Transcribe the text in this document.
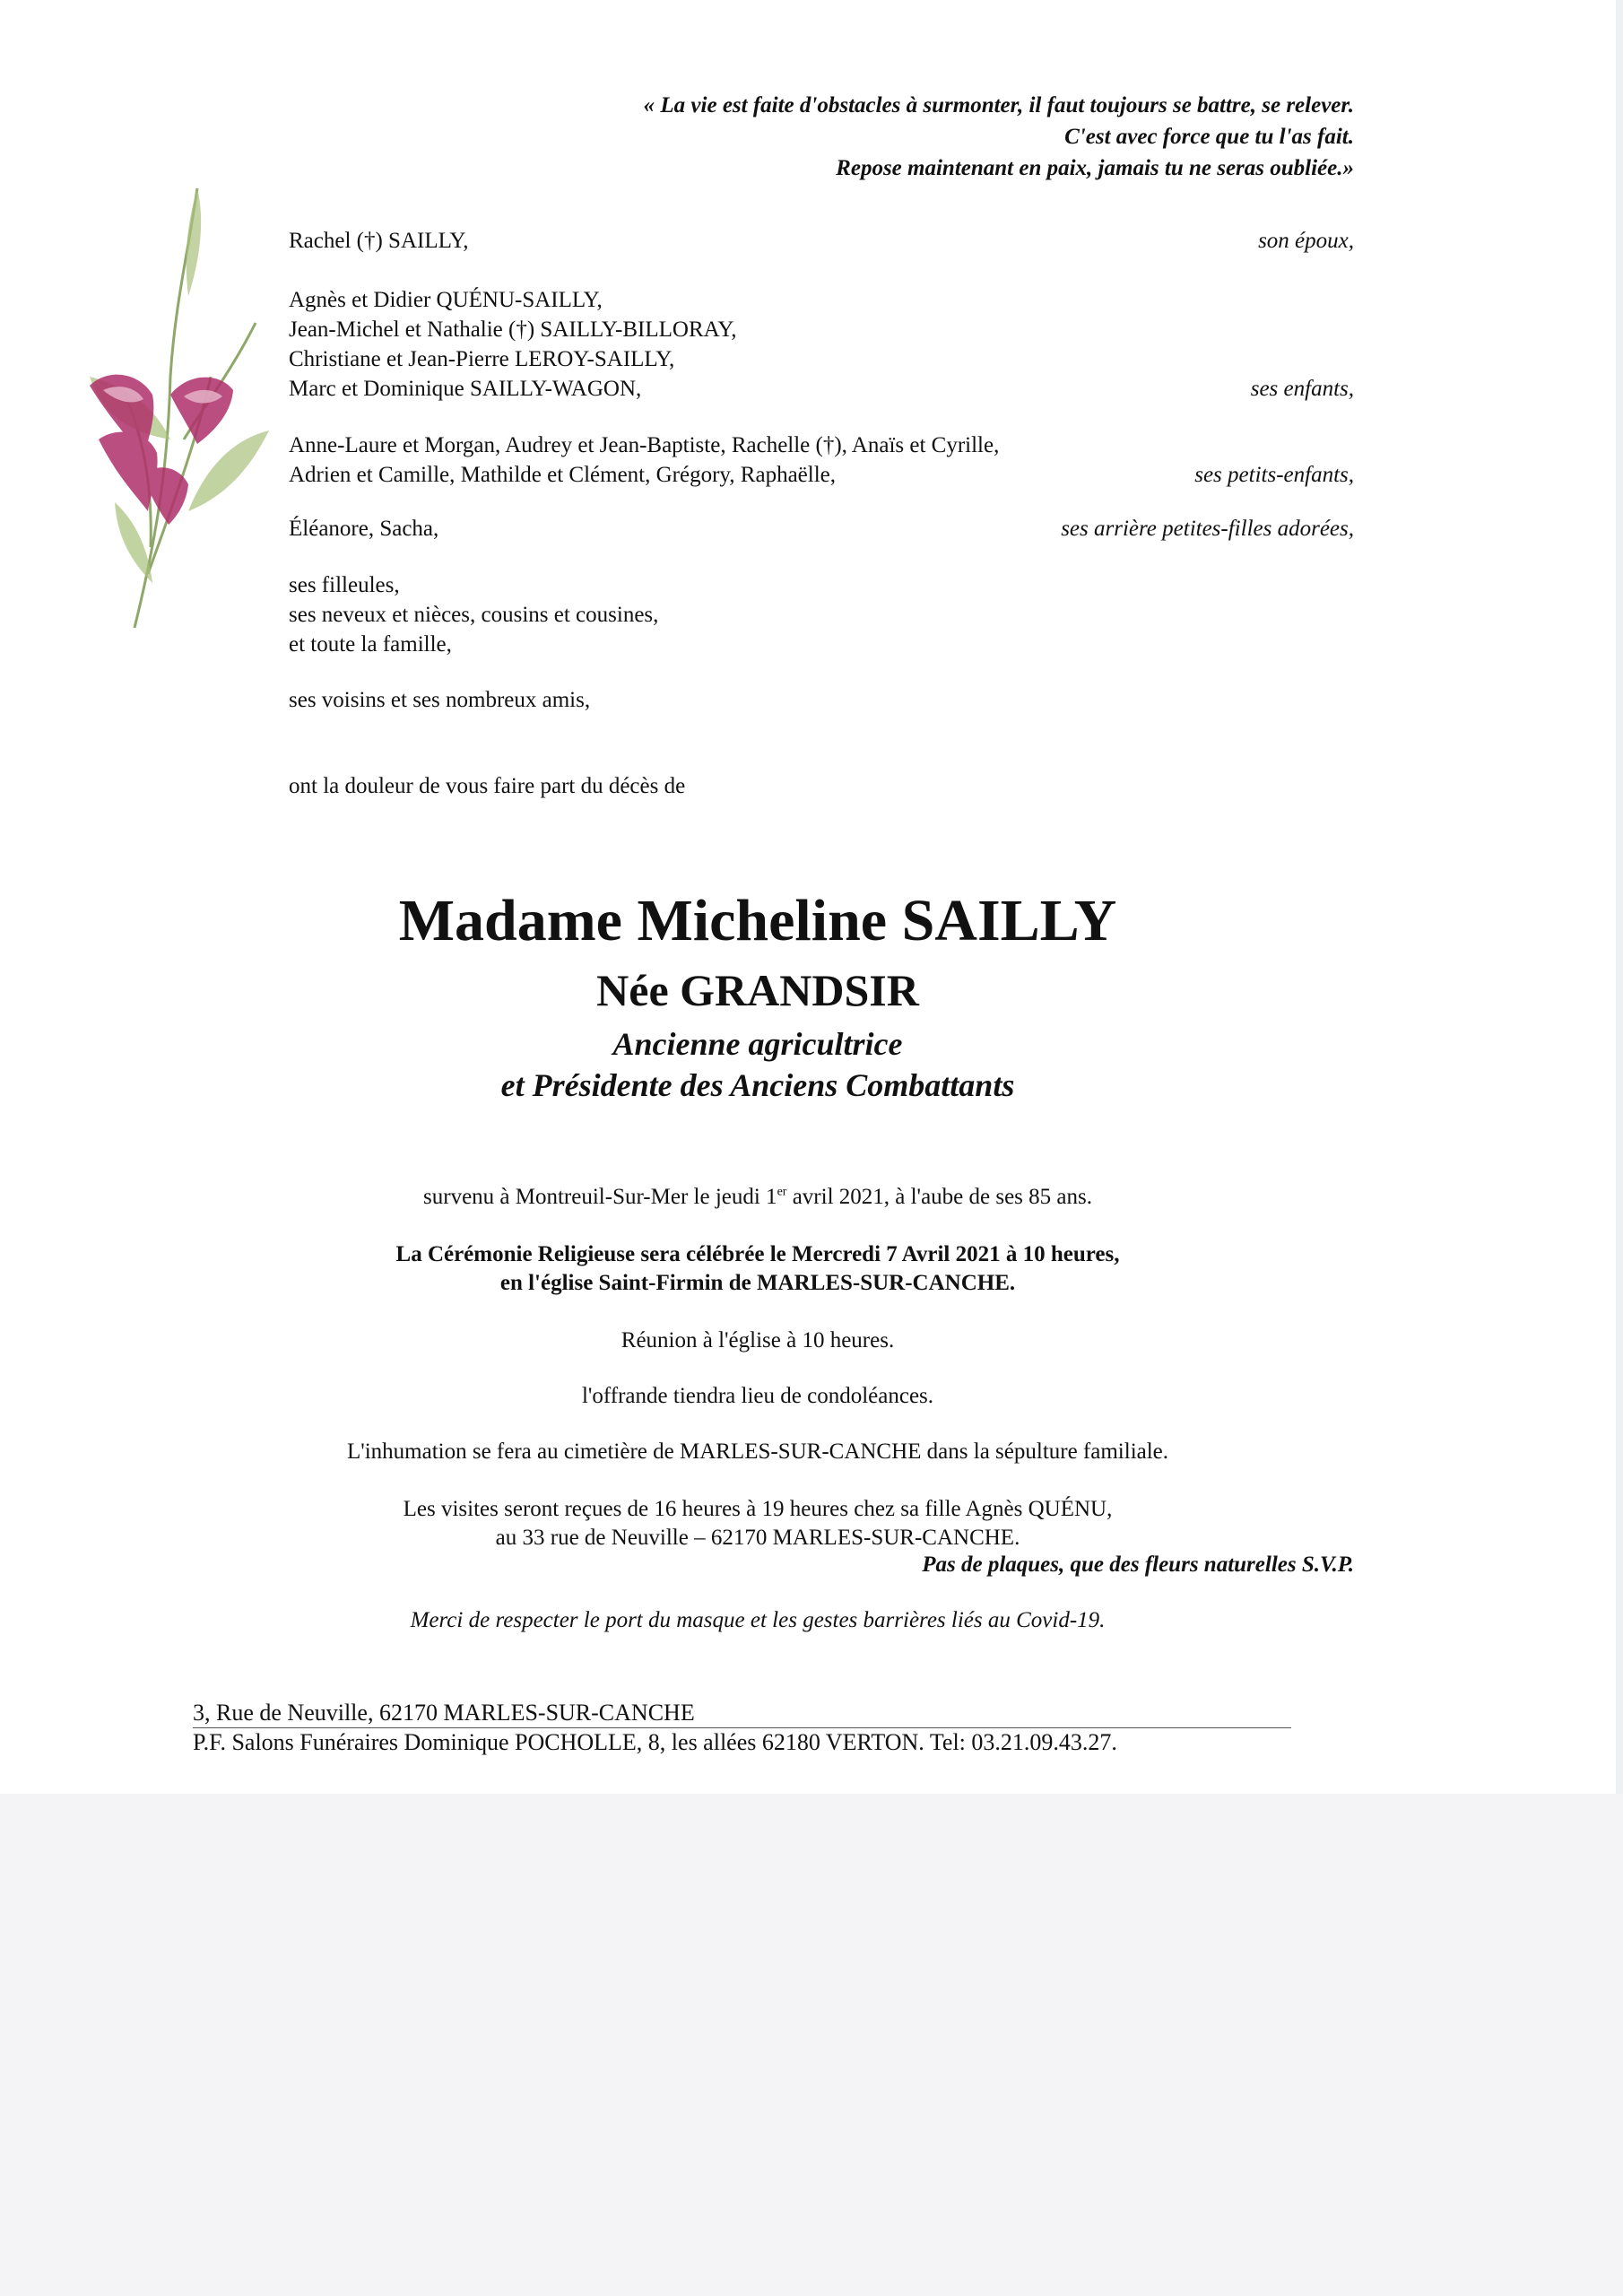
« La vie est faite d'obstacles à surmonter, il faut toujours se battre, se relever.
C'est avec force que tu l'as fait.
Repose maintenant en paix, jamais tu ne seras oubliée.»
Rachel (†) SAILLY,	son époux,
Agnès et Didier QUÉNU-SAILLY,
Jean-Michel et Nathalie (†) SAILLY-BILLORAY,
Christiane et Jean-Pierre LEROY-SAILLY,
Marc et Dominique SAILLY-WAGON,	ses enfants,
Anne-Laure et Morgan, Audrey et Jean-Baptiste, Rachelle (†), Anaïs et Cyrille,
Adrien et Camille, Mathilde et Clément, Grégory, Raphaëlle,	ses petits-enfants,
Éléanore, Sacha,	ses arrière petites-filles adorées,
ses filleules,
ses neveux et nièces, cousins et cousines,
et toute la famille,
ses voisins et ses nombreux amis,
ont la douleur de vous faire part du décès de
Madame Micheline SAILLY
Née GRANDSIR
Ancienne agricultrice
et Présidente des Anciens Combattants
survenu à Montreuil-Sur-Mer le jeudi 1er avril 2021, à l'aube de ses 85 ans.
La Cérémonie Religieuse sera célébrée le Mercredi 7 Avril 2021 à 10 heures,
en l'église Saint-Firmin de MARLES-SUR-CANCHE.
Réunion à l'église à 10 heures.
l'offrande tiendra lieu de condoléances.
L'inhumation se fera au cimetière de MARLES-SUR-CANCHE dans la sépulture familiale.
Les visites seront reçues de 16 heures à 19 heures chez sa fille Agnès QUÉNU,
au 33 rue de Neuville – 62170 MARLES-SUR-CANCHE.
Pas de plaques, que des fleurs naturelles S.V.P.
Merci de respecter le port du masque et les gestes barrières liés au Covid-19.
3, Rue de Neuville, 62170 MARLES-SUR-CANCHE
P.F. Salons Funéraires Dominique POCHOLLE, 8, les allées 62180 VERTON. Tel: 03.21.09.43.27.
